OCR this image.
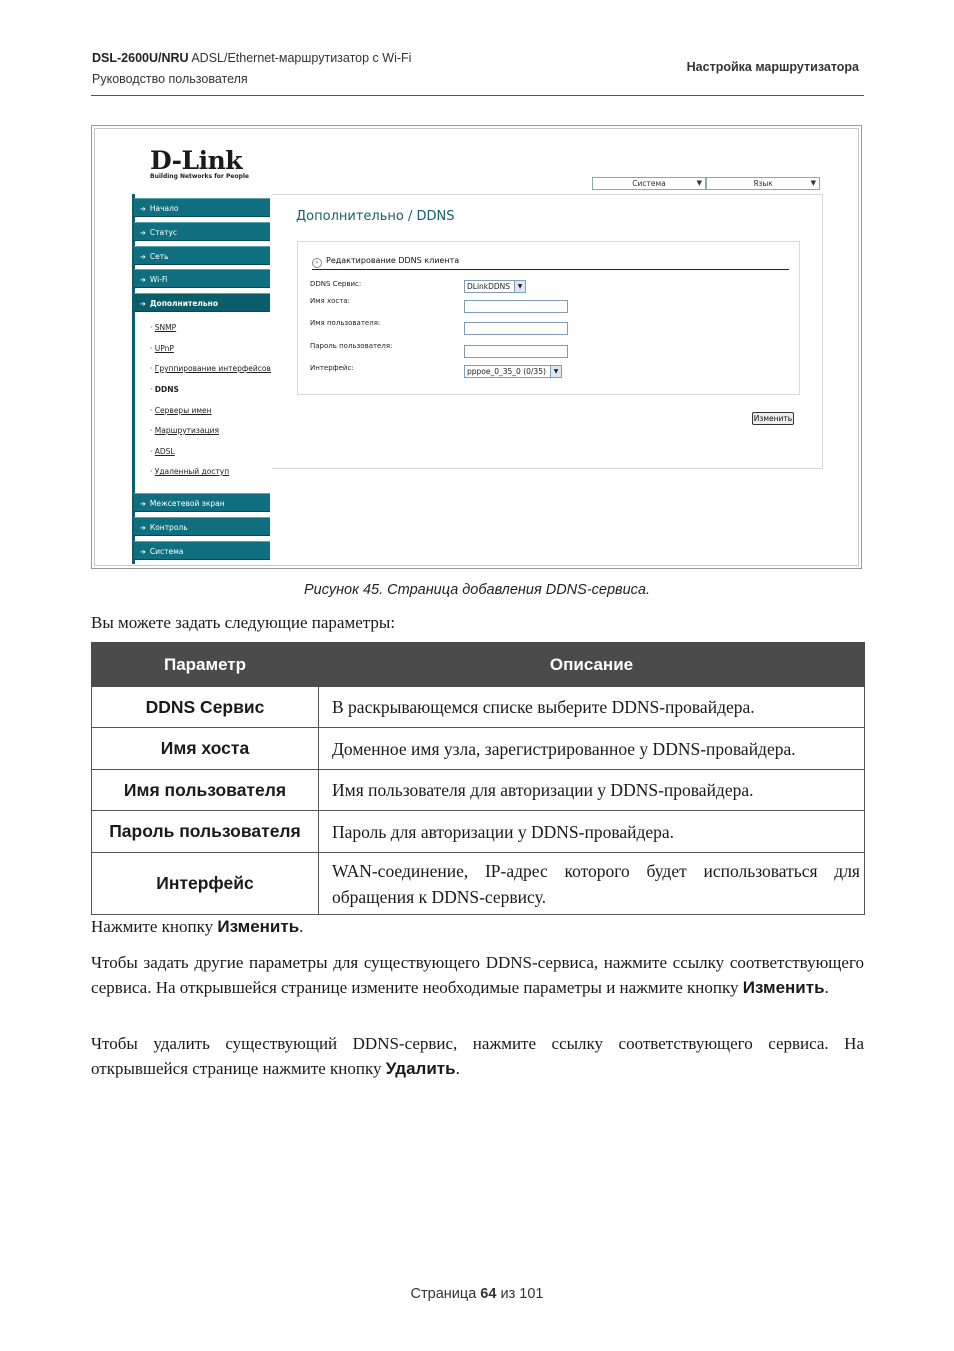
DSL-2600U/NRU ADSL/Ethernet-маршрутизатор с Wi-Fi
Руководство пользователя
Настройка маршрутизатора
D-Link
Building Networks for People
Система	▼	Язык	▼
➔ Начало
➔ Статус
➔ Сеть
➔ Wi-Fi
➔ Дополнительно
· SNMP
· UPnP
· Группирование интерфейсов
· DDNS
· Серверы имен
· Маршрутизация
· ADSL
· Удаленный доступ
➔ Межсетевой экран
➔ Контроль
➔ Система
Дополнительно / DDNS
› Редактирование DDNS клиента
DDNS Сервис:	DLinkDDNS	▼
Имя хоста:
Имя пользователя:
Пароль пользователя:
Интерфейс:	pppoe_0_35_0 (0/35)	▼
Изменить
Рисунок 45. Страница добавления DDNS-сервиса.
Вы можете задать следующие параметры:
Параметр	Описание
DDNS Сервис	В раскрывающемся списке выберите DDNS-провайдера.
Имя хоста	Доменное имя узла, зарегистрированное у DDNS-провайдера.
Имя пользователя	Имя пользователя для авторизации у DDNS-провайдера.
Пароль пользователя	Пароль для авторизации у DDNS-провайдера.
Интерфейс	WAN-соединение, IP-адрес которого будет использоваться для обращения к DDNS-сервису.
Нажмите кнопку Изменить.
Чтобы задать другие параметры для существующего DDNS-сервиса, нажмите ссылку соответствующего сервиса. На открывшейся странице измените необходимые параметры и нажмите кнопку Изменить.
Чтобы удалить существующий DDNS-сервис, нажмите ссылку соответствующего сервиса. На открывшейся странице нажмите кнопку Удалить.
Страница 64 из 101
